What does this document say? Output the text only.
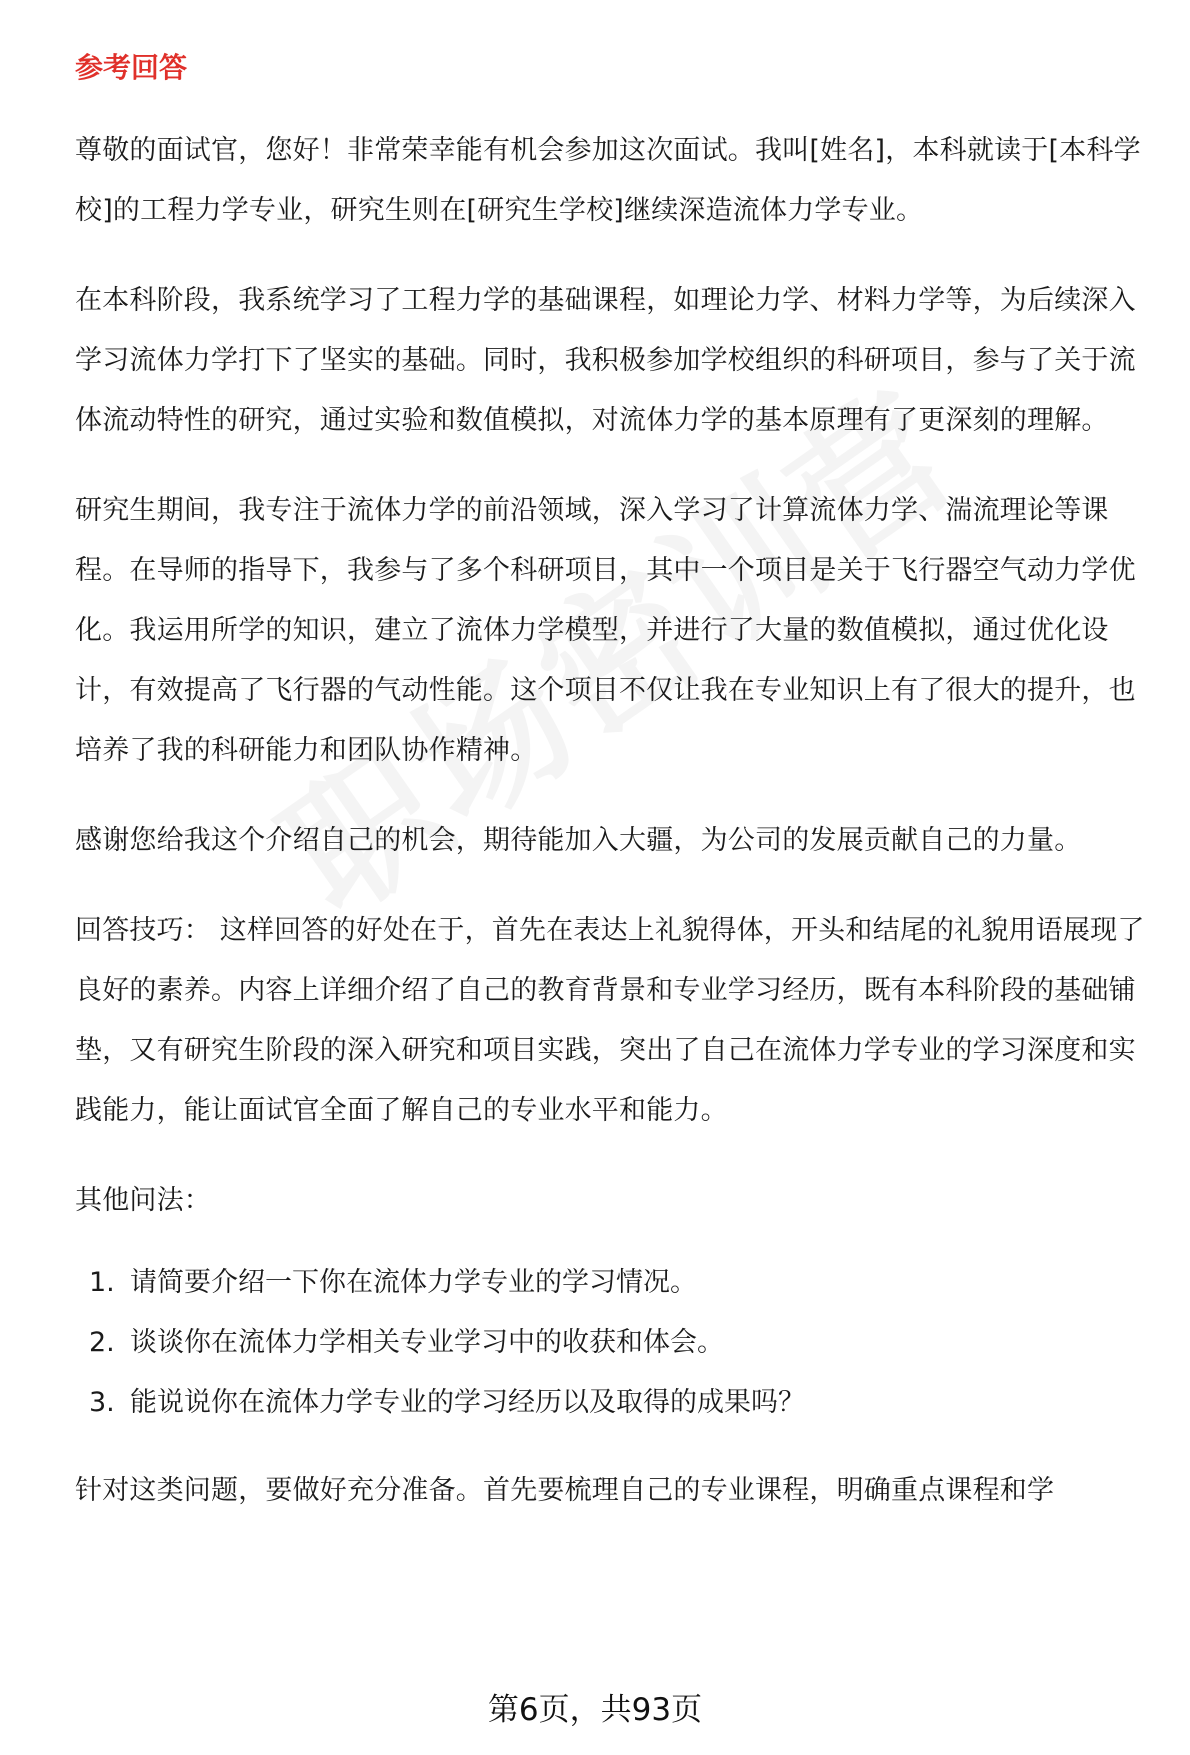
参考回答

尊敬的面试官，您好！非常荣幸能有机会参加这次面试。我叫[姓名]，本科就读于[本科学校]的工程力学专业，研究生则在[研究生学校]继续深造流体力学专业。

在本科阶段，我系统学习了工程力学的基础课程，如理论力学、材料力学等，为后续深入学习流体力学打下了坚实的基础。同时，我积极参加学校组织的科研项目，参与了关于流体流动特性的研究，通过实验和数值模拟，对流体力学的基本原理有了更深刻的理解。

研究生期间，我专注于流体力学的前沿领域，深入学习了计算流体力学、湍流理论等课程。在导师的指导下，我参与了多个科研项目，其中一个项目是关于飞行器空气动力学优化。我运用所学的知识，建立了流体力学模型，并进行了大量的数值模拟，通过优化设计，有效提高了飞行器的气动性能。这个项目不仅让我在专业知识上有了很大的提升，也培养了我的科研能力和团队协作精神。

感谢您给我这个介绍自己的机会，期待能加入大疆，为公司的发展贡献自己的力量。

回答技巧： 这样回答的好处在于，首先在表达上礼貌得体，开头和结尾的礼貌用语展现了良好的素养。内容上详细介绍了自己的教育背景和专业学习经历，既有本科阶段的基础铺垫，又有研究生阶段的深入研究和项目实践，突出了自己在流体力学专业的学习深度和实践能力，能让面试官全面了解自己的专业水平和能力。

其他问法：

1. 请简要介绍一下你在流体力学专业的学习情况。
2. 谈谈你在流体力学相关专业学习中的收获和体会。
3. 能说说你在流体力学专业的学习经历以及取得的成果吗？

针对这类问题，要做好充分准备。首先要梳理自己的专业课程，明确重点课程和学

第6页，共93页
